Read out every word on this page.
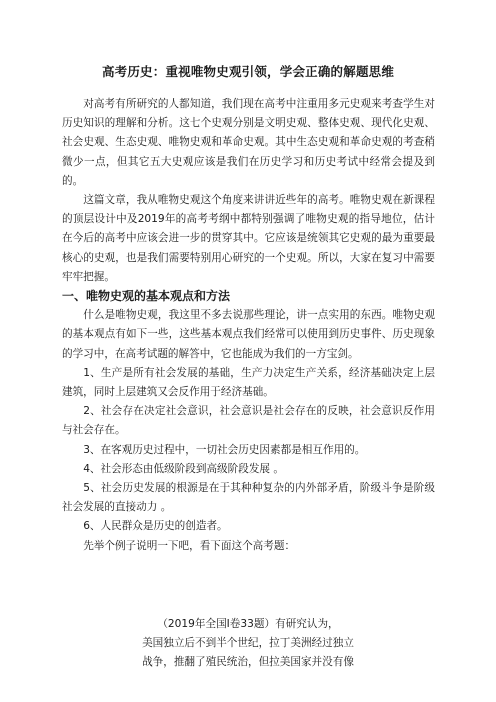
高考历史：重视唯物史观引领，学会正确的解题思维

对高考有所研究的人都知道，我们现在高考中注重用多元史观来考查学生对历史知识的理解和分析。这七个史观分别是文明史观、整体史观、现代化史观、社会史观、生态史观、唯物史观和革命史观。其中生态史观和革命史观的考查稍微少一点，但其它五大史观应该是我们在历史学习和历史考试中经常会提及到的。

这篇文章，我从唯物史观这个角度来讲讲近些年的高考。唯物史观在新课程的顶层设计中及2019年的高考考纲中都特别强调了唯物史观的指导地位，估计在今后的高考中应该会进一步的贯穿其中。它应该是统领其它史观的最为重要最核心的史观，也是我们需要特别用心研究的一个史观。所以，大家在复习中需要牢牢把握。

一、唯物史观的基本观点和方法

什么是唯物史观，我这里不多去说那些理论，讲一点实用的东西。唯物史观的基本观点有如下一些，这些基本观点我们经常可以使用到历史事件、历史现象的学习中，在高考试题的解答中，它也能成为我们的一方宝剑。

1、生产是所有社会发展的基础，生产力决定生产关系，经济基础决定上层建筑，同时上层建筑又会反作用于经济基础。

2、社会存在决定社会意识，社会意识是社会存在的反映，社会意识反作用与社会存在。

3、在客观历史过程中，一切社会历史因素都是相互作用的。

4、社会形态由低级阶段到高级阶段发展 。

5、社会历史发展的根源是在于其种种复杂的内外部矛盾，阶级斗争是阶级社会发展的直接动力 。

6、人民群众是历史的创造者。

先举个例子说明一下吧，看下面这个高考题：

（2019年全国Ⅰ卷33题）有研究认为，
美国独立后不到半个世纪，拉丁美洲经过独立
战争，推翻了殖民统治，但拉美国家并没有像
